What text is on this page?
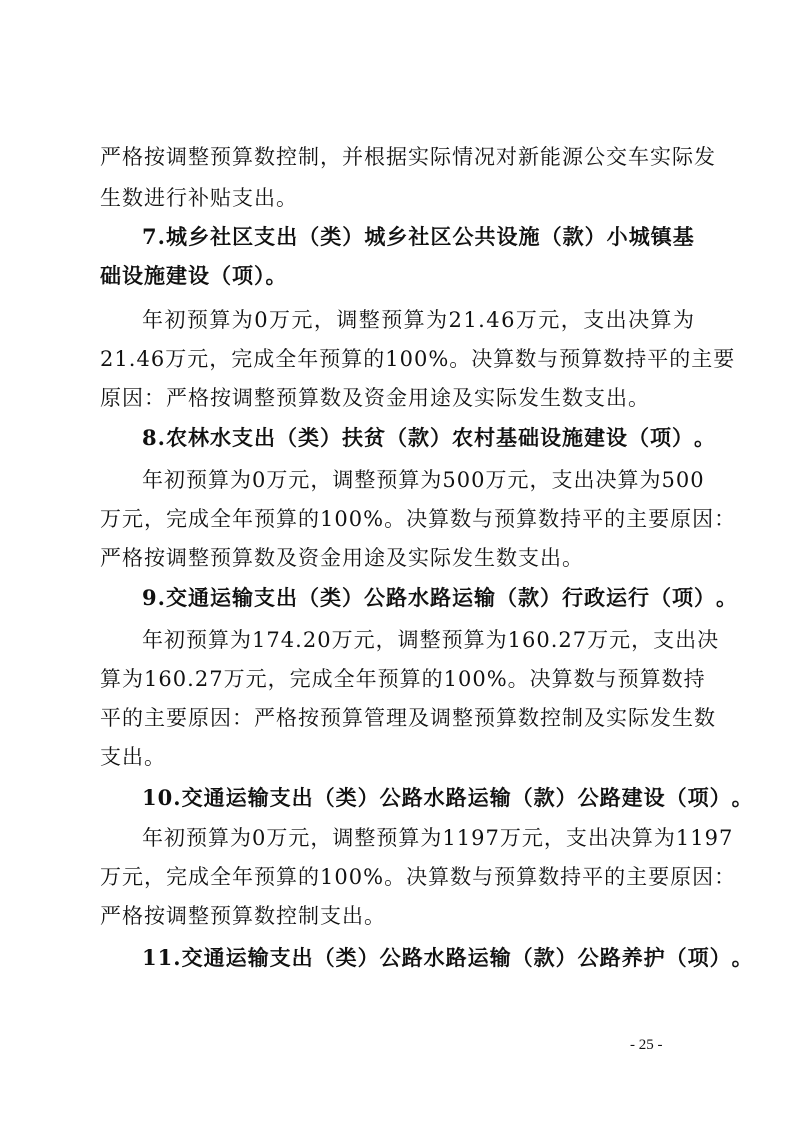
严 格 按 调 整 预 算 数 控 制 ， 并 根 据 实 际 情 况 对 新 能 源 公 交 车 实 际 发
生数进行补贴支出。
7 . 城 乡 社 区 支 出 （ 类 ） 城 乡 社 区 公 共 设 施 （ 款 ） 小 城 镇 基
础设施建设（项）。
年 初 预 算 为 0 万 元 ， 调 整 预 算 为 2 1 . 4 6 万 元 ， 支 出 决 算 为
2 1 . 4 6 万 元 ， 完 成 全 年 预 算 的 1 0 0 % 。 决 算 数 与 预 算 数 持 平 的 主 要
原因：严格按调整预算数及资金用途及实际发生数支出。
8 . 农 林 水 支 出 （ 类 ） 扶 贫 （ 款 ） 农 村 基 础 设 施 建 设 （ 项 ） 。
年 初 预 算 为 0 万 元 ， 调 整 预 算 为 5 0 0 万 元 ， 支 出 决 算 为 5 0 0
万 元 ， 完 成 全 年 预 算 的 1 0 0 % 。 决 算 数 与 预 算 数 持 平 的 主 要 原 因 ：
严格按调整预算数及资金用途及实际发生数支出。
9 . 交 通 运 输 支 出 （ 类 ） 公 路 水 路 运 输 （ 款 ） 行 政 运 行 （ 项 ） 。
年 初 预 算 为 1 7 4 . 2 0 万 元 ， 调 整 预 算 为 1 6 0 . 2 7 万 元 ， 支 出 决
算 为 1 6 0 . 2 7 万 元 ， 完 成 全 年 预 算 的 1 0 0 % 。 决 算 数 与 预 算 数 持
平 的 主 要 原 因 ： 严 格 按 预 算 管 理 及 调 整 预 算 数 控 制 及 实 际 发 生 数
支出。
1 0 . 交 通 运 输 支 出 （ 类 ） 公 路 水 路 运 输 （ 款 ） 公 路 建 设 （ 项 ） 。
年 初 预 算 为 0 万 元 ， 调 整 预 算 为 1 1 9 7 万 元 ， 支 出 决 算 为 1 1 9 7
万 元 ， 完 成 全 年 预 算 的 1 0 0 % 。 决 算 数 与 预 算 数 持 平 的 主 要 原 因 ：
严格按调整预算数控制支出。
1 1 . 交 通 运 输 支 出 （ 类 ） 公 路 水 路 运 输 （ 款 ） 公 路 养 护 （ 项 ） 。
- 25 -
